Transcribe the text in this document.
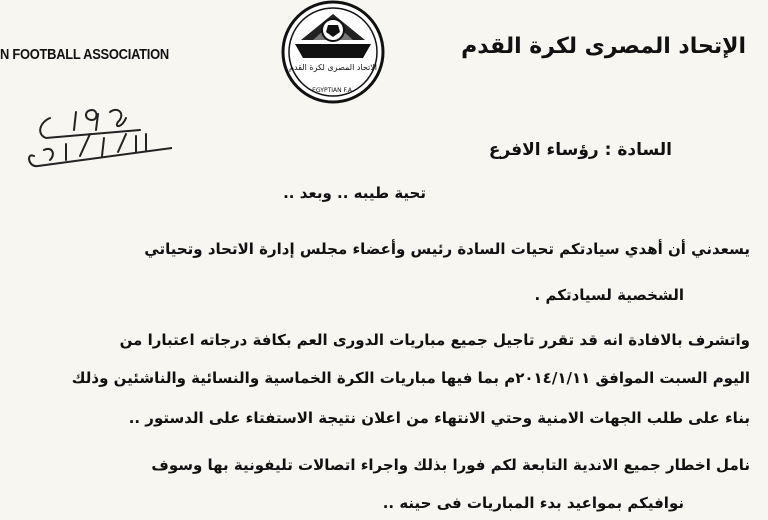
N FOOTBALL ASSOCIATION
الاتحاد المصرى لكرة القدم
EGYPTIAN F.A.
الإتحاد المصرى لكرة القدم
السادة : رؤساء الافرع
تحية طيبه .. وبعد ..
يسعدني أن أهدي سيادتكم تحيات السادة رئيس وأعضاء مجلس إدارة الاتحاد وتحياتي
الشخصية لسيادتكم .
واتشرف بالافادة انه قد تقرر تاجيل جميع مباريات الدورى العم بكافة درجاته اعتبارا من
اليوم السبت الموافق ٢٠١٤/١/١١م بما فيها مباريات الكرة الخماسية والنسائية والناشئين وذلك
بناء على طلب الجهات الامنية وحتي الانتهاء من اعلان نتيجة الاستفتاء على الدستور ..
نامل اخطار جميع الاندية التابعة لكم فورا بذلك واجراء اتصالات تليفونية بها وسوف
نوافيكم بمواعيد بدء المباريات فى حينه ..
